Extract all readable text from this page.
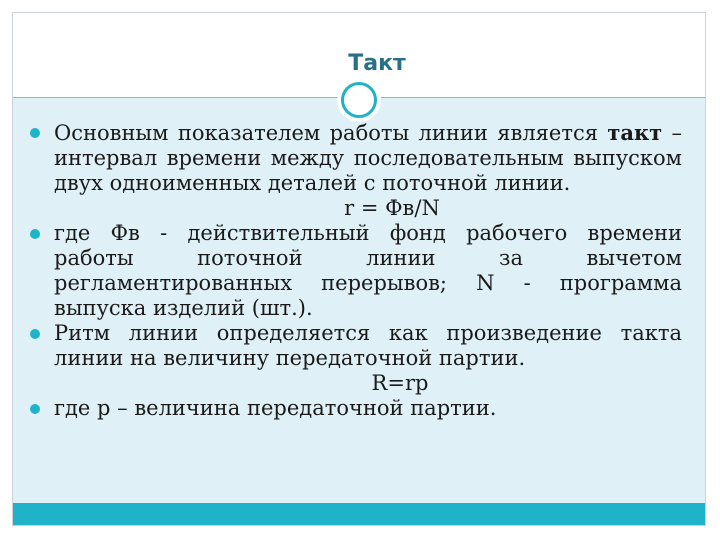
Такт
Основным показателем работы линии является такт – интервал времени между последовательным выпуском двух одноименных деталей с поточной линии.
r = Фв/N
где Фв - действительный фонд рабочего времени работы поточной линии за вычетом регламентированных перерывов; N - программа выпуска изделий (шт.).
Ритм линии определяется как произведение такта линии на величину передаточной партии.
R=rp
где р – величина передаточной партии.
